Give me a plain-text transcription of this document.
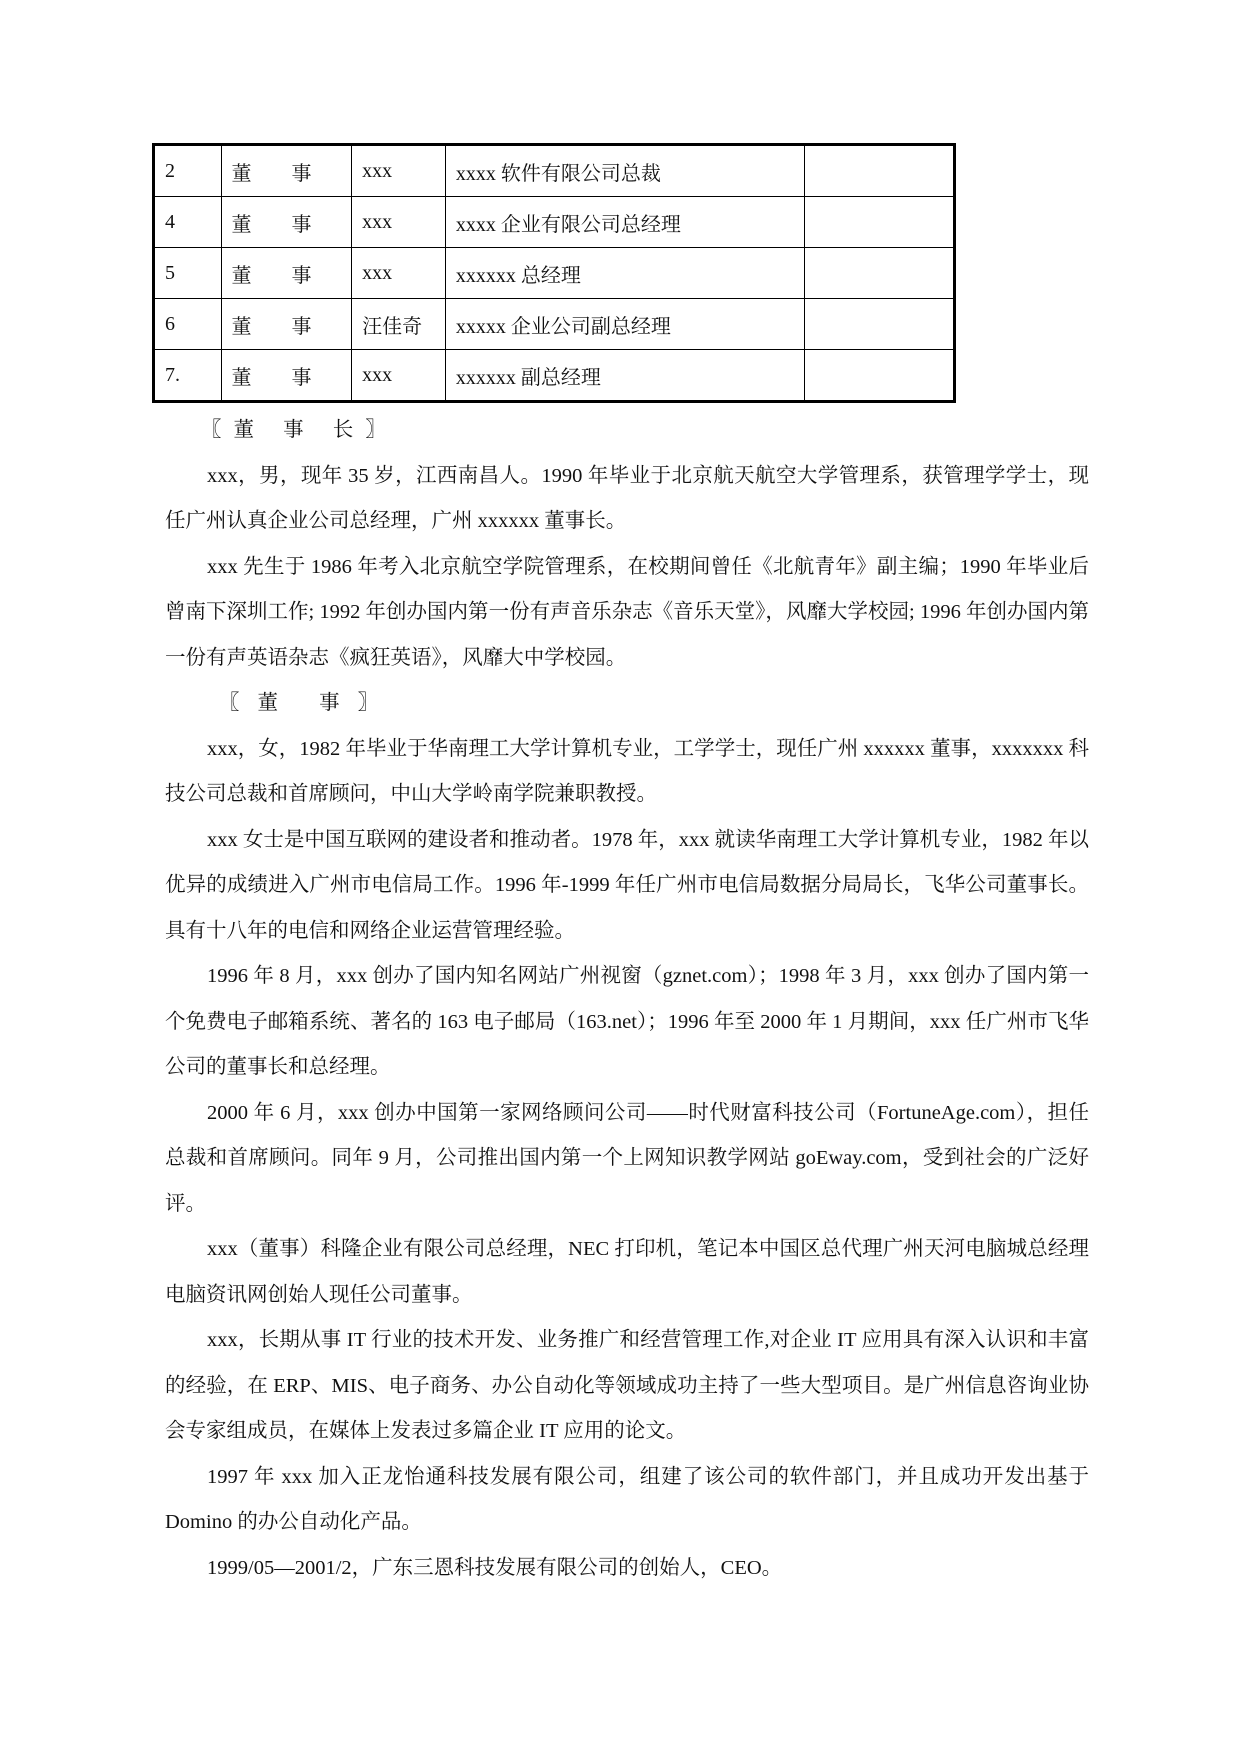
2	董　　事	xxx	xxxx 软件有限公司总裁	
4	董　　事	xxx	xxxx 企业有限公司总经理	
5	董　　事	xxx	xxxxxx 总经理	
6	董　　事	汪佳奇	xxxxx 企业公司副总经理	
7.	董　　事	xxx	xxxxxx 副总经理	

〖董 事 长〗

xxx，男，现年 35 岁，江西南昌人。1990 年毕业于北京航天航空大学管理系，获管理学学士，现任广州认真企业公司总经理，广州 xxxxxx 董事长。

xxx 先生于 1986 年考入北京航空学院管理系，在校期间曾任《北航青年》副主编；1990 年毕业后曾南下深圳工作; 1992 年创办国内第一份有声音乐杂志《音乐天堂》，风靡大学校园; 1996 年创办国内第一份有声英语杂志《疯狂英语》，风靡大中学校园。

〖董 事〗

xxx，女，1982 年毕业于华南理工大学计算机专业，工学学士，现任广州 xxxxxx 董事，xxxxxxx 科技公司总裁和首席顾问，中山大学岭南学院兼职教授。

xxx 女士是中国互联网的建设者和推动者。1978 年，xxx 就读华南理工大学计算机专业，1982 年以优异的成绩进入广州市电信局工作。1996 年-1999 年任广州市电信局数据分局局长，飞华公司董事长。具有十八年的电信和网络企业运营管理经验。

1996 年 8 月，xxx 创办了国内知名网站广州视窗（gznet.com）；1998 年 3 月，xxx 创办了国内第一个免费电子邮箱系统、著名的 163 电子邮局（163.net）；1996 年至 2000 年 1 月期间，xxx 任广州市飞华公司的董事长和总经理。

2000 年 6 月，xxx 创办中国第一家网络顾问公司——时代财富科技公司（FortuneAge.com），担任总裁和首席顾问。同年 9 月，公司推出国内第一个上网知识教学网站 goEway.com，受到社会的广泛好评。

xxx（董事）科隆企业有限公司总经理，NEC 打印机，笔记本中国区总代理广州天河电脑城总经理电脑资讯网创始人现任公司董事。

xxx，长期从事 IT 行业的技术开发、业务推广和经营管理工作,对企业 IT 应用具有深入认识和丰富的经验，在 ERP、MIS、电子商务、办公自动化等领域成功主持了一些大型项目。是广州信息咨询业协会专家组成员，在媒体上发表过多篇企业 IT 应用的论文。

1997 年 xxx 加入正龙怡通科技发展有限公司，组建了该公司的软件部门，并且成功开发出基于 Domino 的办公自动化产品。

1999/05—2001/2，广东三恩科技发展有限公司的创始人，CEO。
